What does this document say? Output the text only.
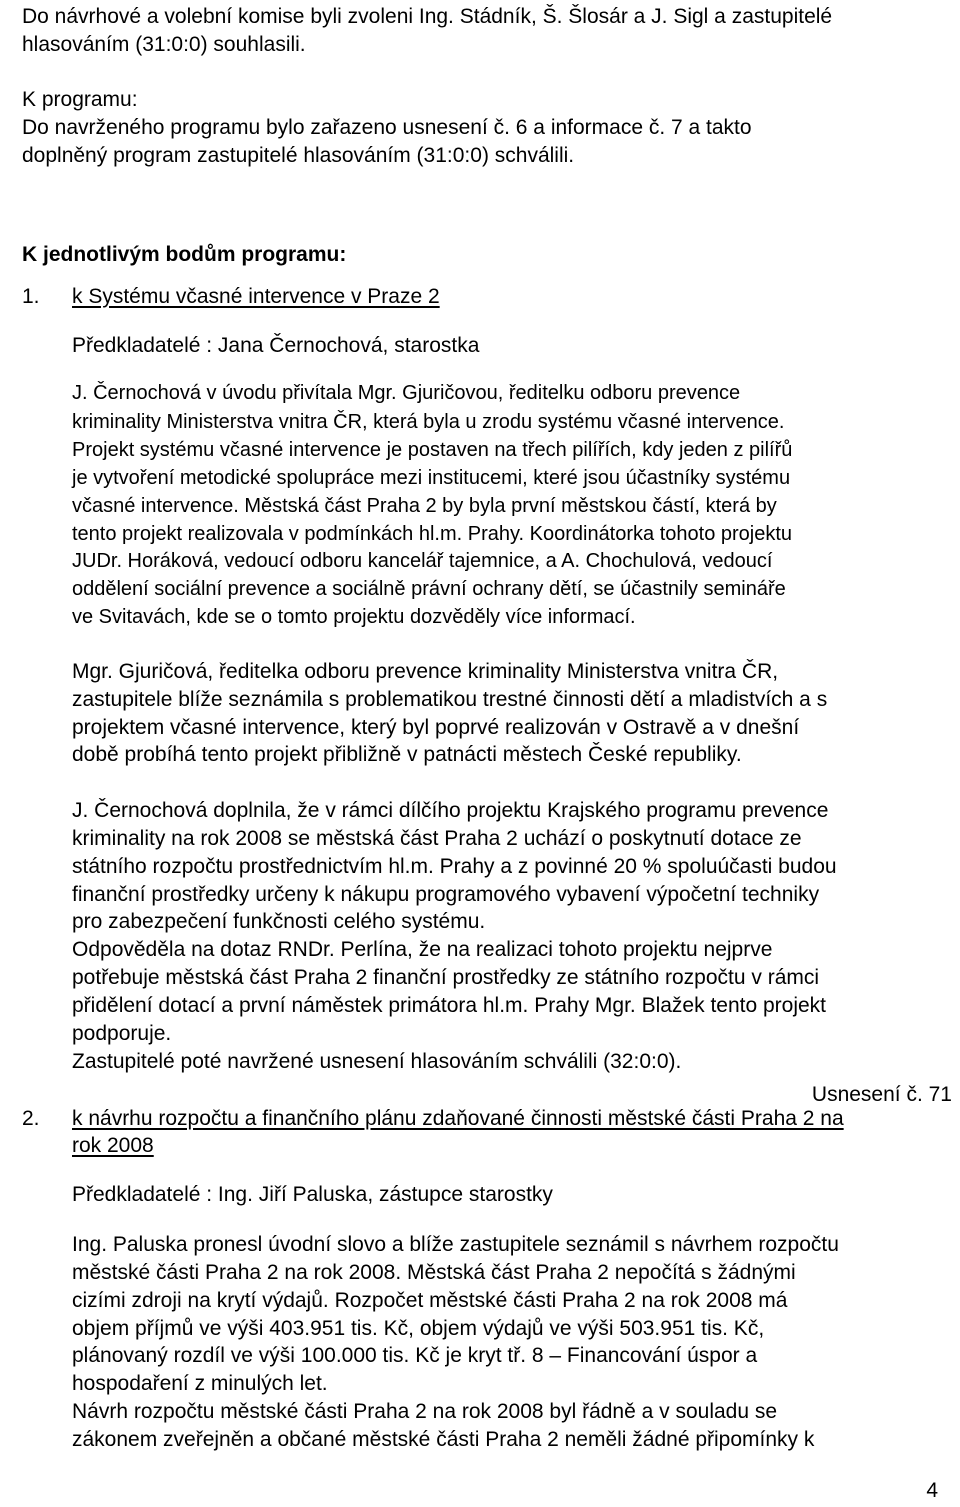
Do návrhové a volební komise byli zvoleni Ing. Stádník, Š. Šlosár a J. Sigl a zastupitelé
hlasováním (31:0:0) souhlasili.
K programu:
Do navrženého programu bylo zařazeno usnesení č. 6 a informace č. 7 a takto
doplněný program zastupitelé hlasováním (31:0:0) schválili.
K jednotlivým bodům programu:
1. k Systému včasné intervence v Praze 2
Předkladatelé : Jana Černochová, starostka
J. Černochová v úvodu přivítala Mgr. Gjuričovou, ředitelku odboru prevence
kriminality Ministerstva vnitra ČR, která byla u zrodu systému včasné intervence.
Projekt systému včasné intervence je postaven na třech pilířích, kdy jeden z pilířů
je vytvoření metodické spolupráce mezi institucemi, které jsou účastníky systému
včasné intervence. Městská část Praha 2 by byla první městskou částí, která by
tento projekt realizovala v podmínkách hl.m. Prahy. Koordinátorka tohoto projektu
JUDr. Horáková, vedoucí odboru kancelář tajemnice, a A. Chochulová, vedoucí
oddělení sociální prevence a sociálně právní ochrany dětí, se účastnily semináře
ve Svitavách, kde se o tomto projektu dozvěděly více informací.
Mgr. Gjuričová, ředitelka odboru prevence kriminality Ministerstva vnitra ČR,
zastupitele blíže seznámila s problematikou trestné činnosti dětí a mladistvích a s
projektem včasné intervence, který byl poprvé realizován v Ostravě a v dnešní
době probíhá tento projekt přibližně v patnácti městech České republiky.
J. Černochová doplnila, že v rámci dílčího projektu Krajského programu prevence
kriminality na rok 2008 se městská část Praha 2 uchází o poskytnutí dotace ze
státního rozpočtu prostřednictvím hl.m. Prahy a z povinné 20 % spoluúčasti budou
finanční prostředky určeny k nákupu programového vybavení výpočetní techniky
pro zabezpečení funkčnosti celého systému.
Odpověděla na dotaz RNDr. Perlína, že na realizaci tohoto projektu nejprve
potřebuje městská část Praha 2 finanční prostředky ze státního rozpočtu v rámci
přidělení dotací a první náměstek primátora hl.m. Prahy Mgr. Blažek tento projekt
podporuje.
Zastupitelé poté navržené usnesení hlasováním schválili (32:0:0).
Usnesení č. 71
2. k návrhu rozpočtu a finančního plánu zdaňované činnosti městské části Praha 2 na
rok 2008
Předkladatelé : Ing. Jiří Paluska, zástupce starostky
Ing. Paluska pronesl úvodní slovo a blíže zastupitele seznámil s návrhem rozpočtu
městské části Praha 2 na rok 2008. Městská část Praha 2 nepočítá s žádnými
cizími zdroji na krytí výdajů. Rozpočet městské části Praha 2 na rok 2008 má
objem příjmů ve výši 403.951 tis. Kč, objem výdajů ve výši 503.951 tis. Kč,
plánovaný rozdíl ve výši 100.000 tis. Kč je kryt tř. 8 – Financování úspor a
hospodaření z minulých let.
Návrh rozpočtu městské části Praha 2 na rok 2008 byl řádně a v souladu se
zákonem zveřejněn a občané městské části Praha 2 neměli žádné připomínky k
4
